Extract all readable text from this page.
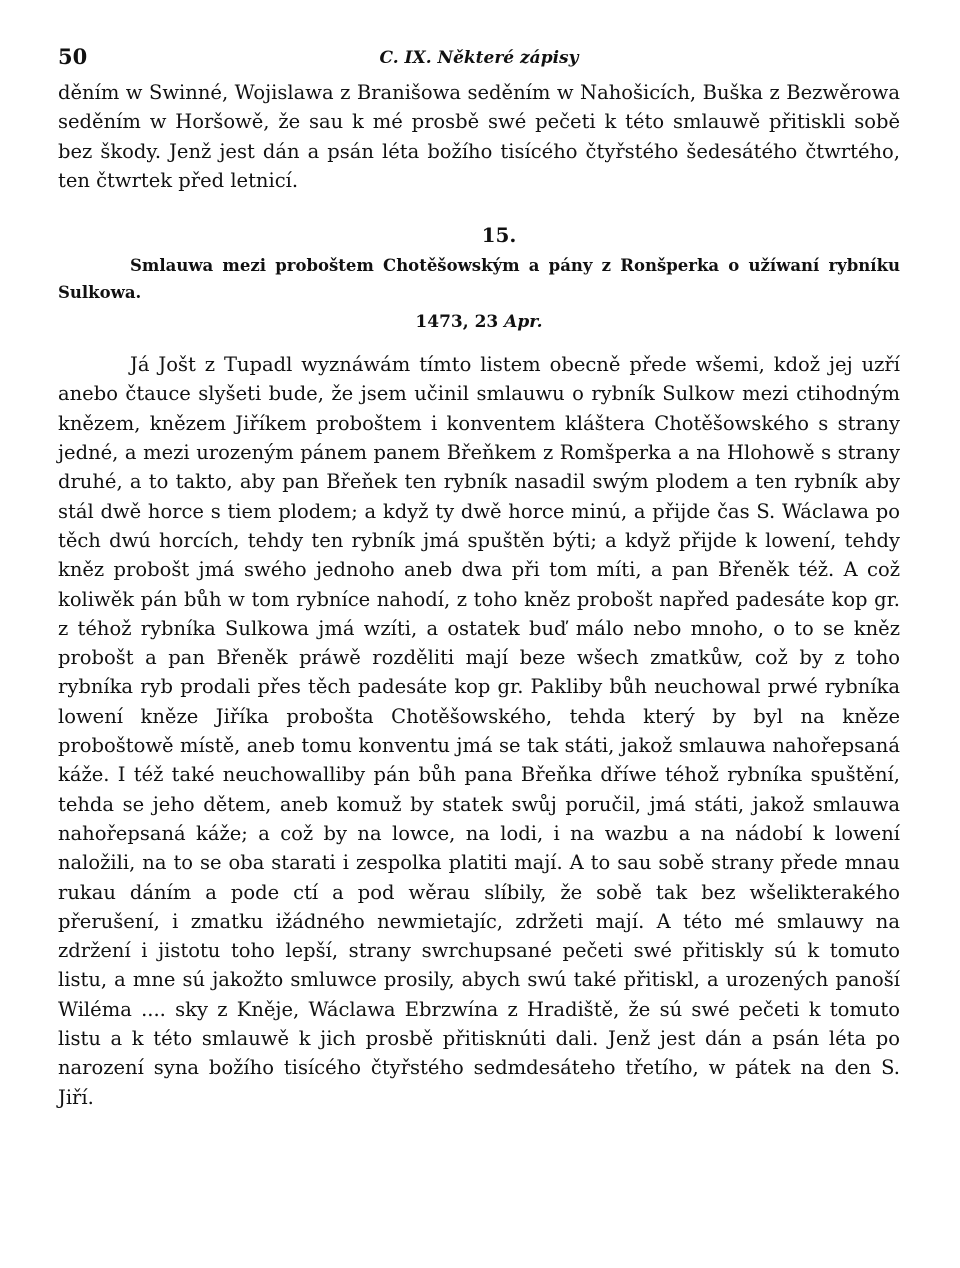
50	C. IX. Některé zápisy

děním w Swinné, Wojislawa z Branišowa seděním w Nahošicích, Buška z Bezwěrowa seděním w Horšowě, že sau k mé prosbě swé pečeti k této smlauwě přitiskli sobě bez škody. Jenž jest dán a psán léta božího tisícého čtyřstého šedesátého čtwrtého, ten čtwrtek před letnicí.

15.

Smlauwa mezi proboštem Chotěšowským a pány z Ronšperka o užíwaní rybníku Sulkowa.

1473, 23 Apr.

Já Jošt z Tupadl wyznáwám tímto listem obecně přede wšemi, kdož jej uzří anebo čtauce slyšeti bude, že jsem učinil smlauwu o rybník Sulkow mezi ctihodným knězem, knězem Jiříkem proboštem i konventem kláštera Chotěšowského s strany jedné, a mezi urozeným pánem panem Břeňkem z Romšperka a na Hlohowě s strany druhé, a to takto, aby pan Břeňek ten rybník nasadil swým plodem a ten rybník aby stál dwě horce s tiem plodem; a když ty dwě horce minú, a přijde čas S. Wáclawa po těch dwú horcích, tehdy ten rybník jmá spuštěn býti; a když přijde k lowení, tehdy kněz probošt jmá swého jednoho aneb dwa při tom míti, a pan Břeněk též. A což koliwěk pán bůh w tom rybníce nahodí, z toho kněz probošt napřed padesáte kop gr. z téhož rybníka Sulkowa jmá wzíti, a ostatek buď málo nebo mnoho, o to se kněz probošt a pan Břeněk práwě rozděliti mají beze wšech zmatkůw, což by z toho rybníka ryb prodali přes těch padesáte kop gr. Pakliby bůh neuchowal prwé rybníka lowení kněze Jiříka probošta Chotěšowského, tehda který by byl na kněze proboštowě místě, aneb tomu konventu jmá se tak státi, jakož smlauwa nahořepsaná káže. I též také neuchowalliby pán bůh pana Břeňka dříwe téhož rybníka spuštění, tehda se jeho dětem, aneb komuž by statek swůj poručil, jmá státi, jakož smlauwa nahořepsaná káže; a což by na lowce, na lodi, i na wazbu a na nádobí k lowení naložili, na to se oba starati i zespolka platiti mají. A to sau sobě strany přede mnau rukau dáním a pode ctí a pod wěrau slíbily, že sobě tak bez wšelikterakého přerušení, i zmatku ižádného newmietajíc, zdržeti mají. A této mé smlauwy na zdržení i jistotu toho lepší, strany swrchupsané pečeti swé přitiskly sú k tomuto listu, a mne sú jakožto smluwce prosily, abych swú také přitiskl, a urozených panoší Wiléma .... sky z Kněje, Wáclawa Ebrzwína z Hradiště, že sú swé pečeti k tomuto listu a k této smlauwě k jich prosbě přitisknúti dali. Jenž jest dán a psán léta po narození syna božího tisícého čtyřstého sedmdesáteho třetího, w pátek na den S. Jiří.
